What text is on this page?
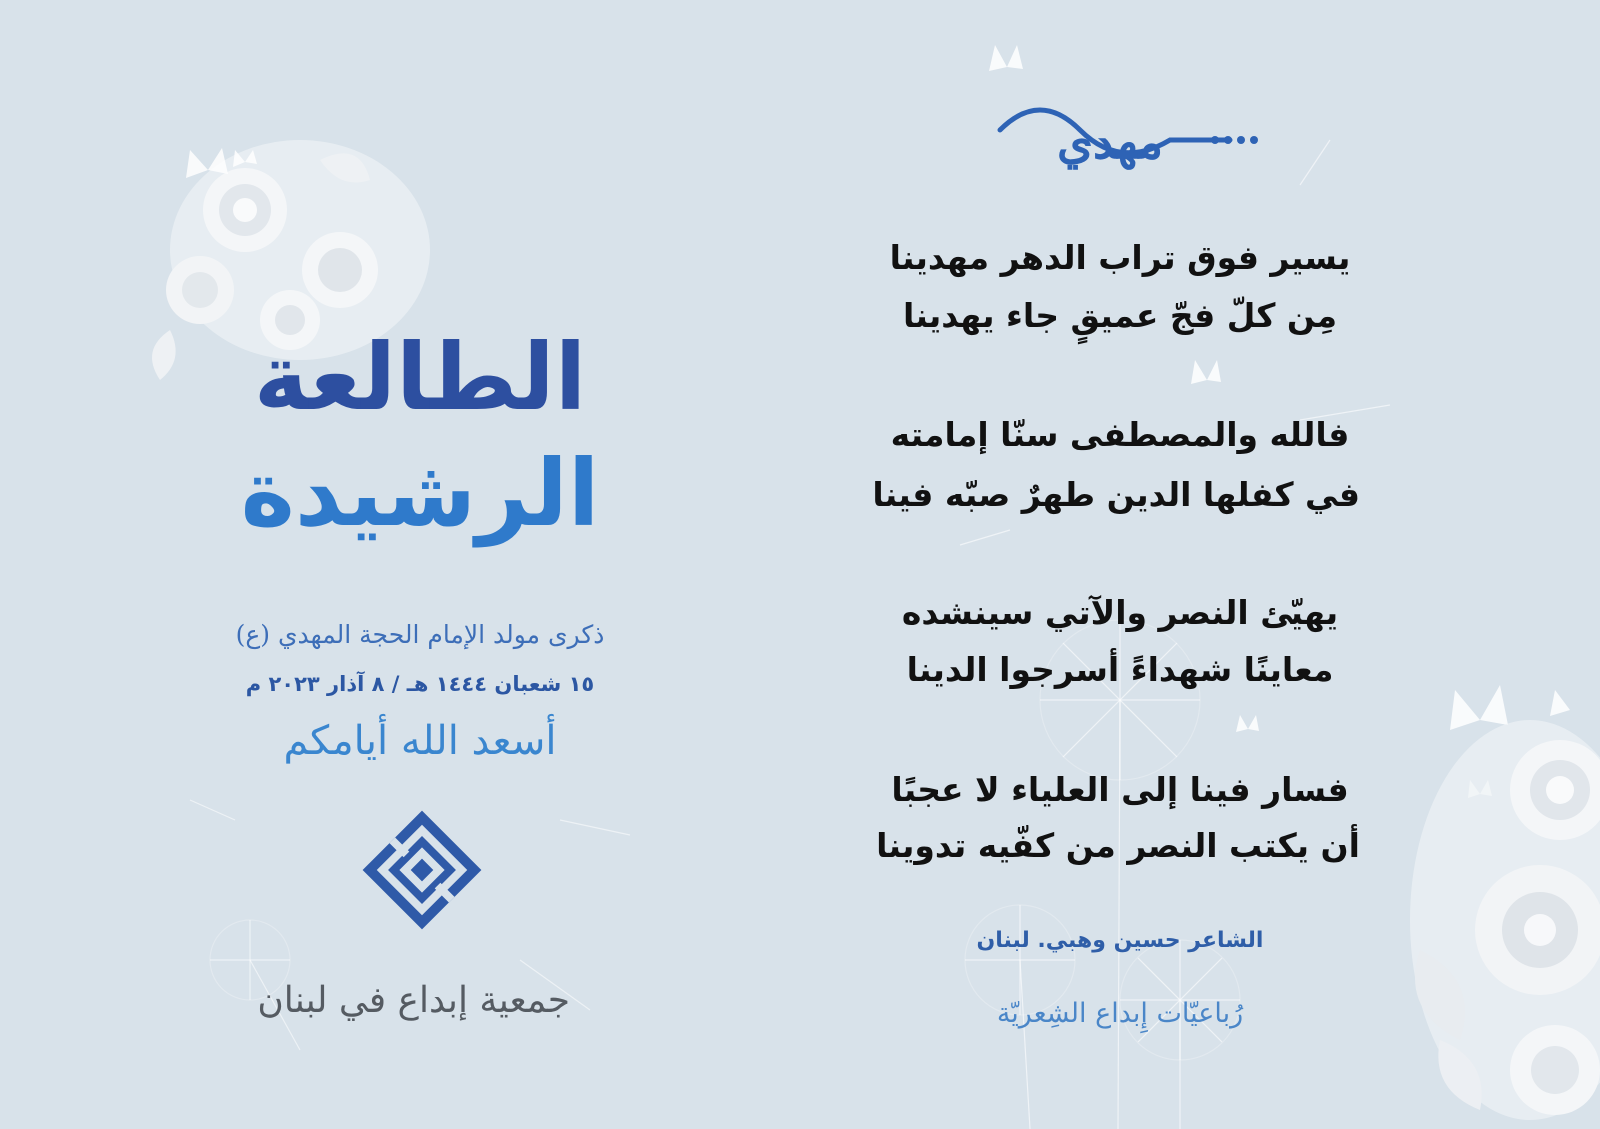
الطالعة
الرشيدة
ذكرى مولد الإمام الحجة المهدي (ع)
١٥ شعبان ١٤٤٤ هـ / ٨ آذار ٢٠٢٣ م
أسعد الله أيامكم
جمعية إبداع في لبنان
مهدي
يسير فوق تراب الدهر مهدينا
مِن كلّ فجّ عميقٍ جاء يهدينا
فالله والمصطفى سنّا إمامته
في كفلها الدين طهرٌ صبّه فينا
يهيّئ النصر والآتي سينشده
معاينًا شهداءً أسرجوا الدينا
فسار فينا إلى العلياء لا عجبًا
أن يكتب النصر من كفّيه تدوينا
الشاعر حسين وهبي. لبنان
رُباعيّات إِبداع الشِعريّة
